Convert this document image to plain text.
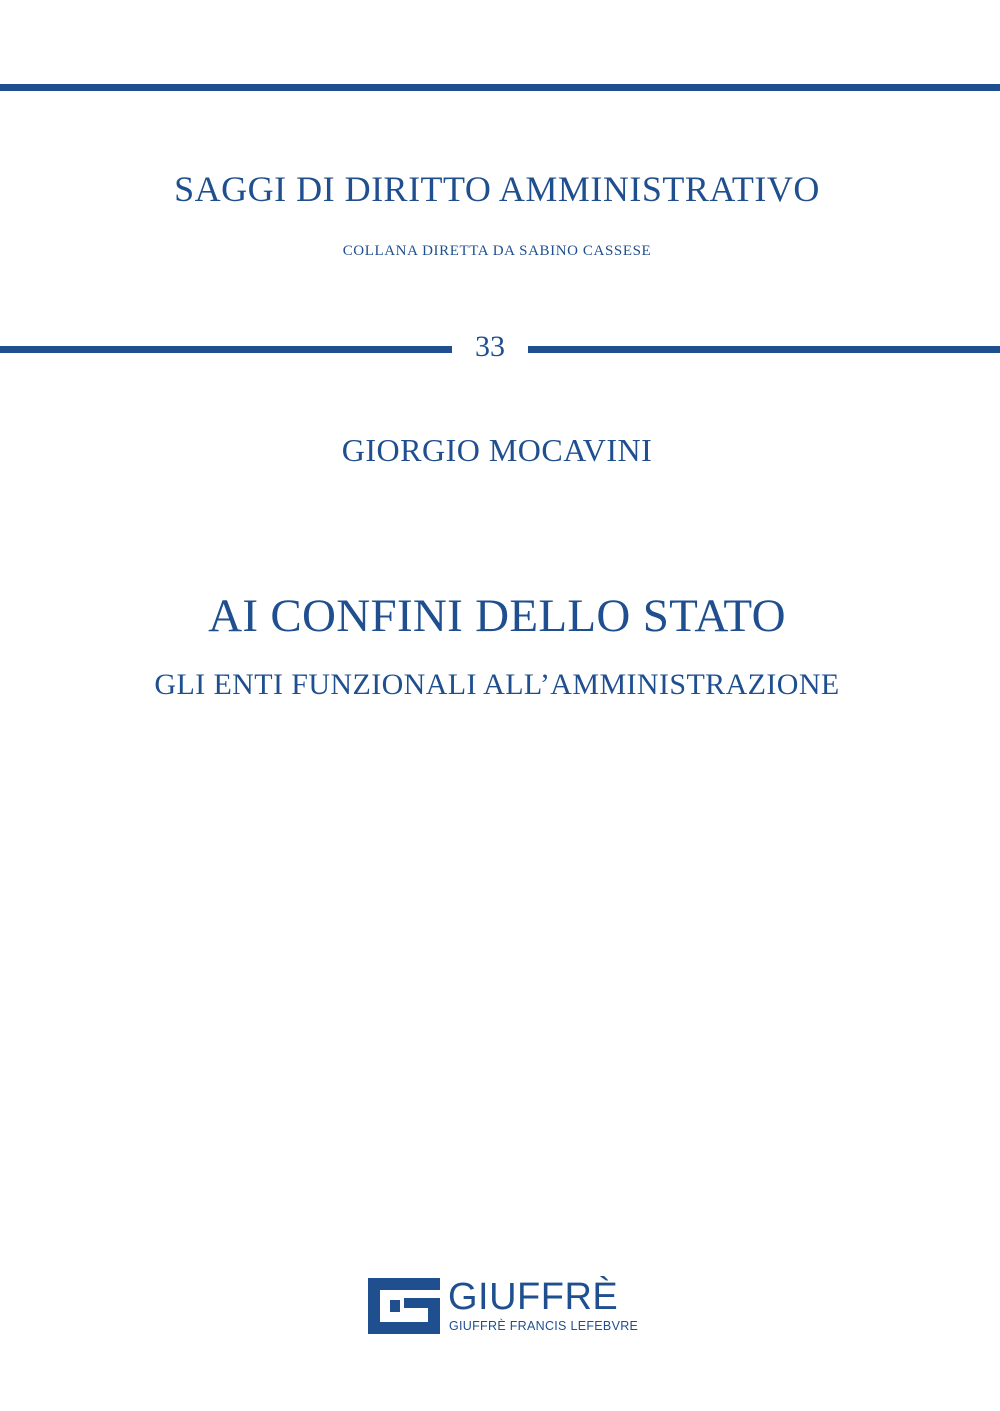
SAGGI DI DIRITTO AMMINISTRATIVO
COLLANA DIRETTA DA SABINO CASSESE
33
GIORGIO MOCAVINI
AI CONFINI DELLO STATO
GLI ENTI FUNZIONALI ALL’AMMINISTRAZIONE
GIUFFRÈ
GIUFFRÈ FRANCIS LEFEBVRE
